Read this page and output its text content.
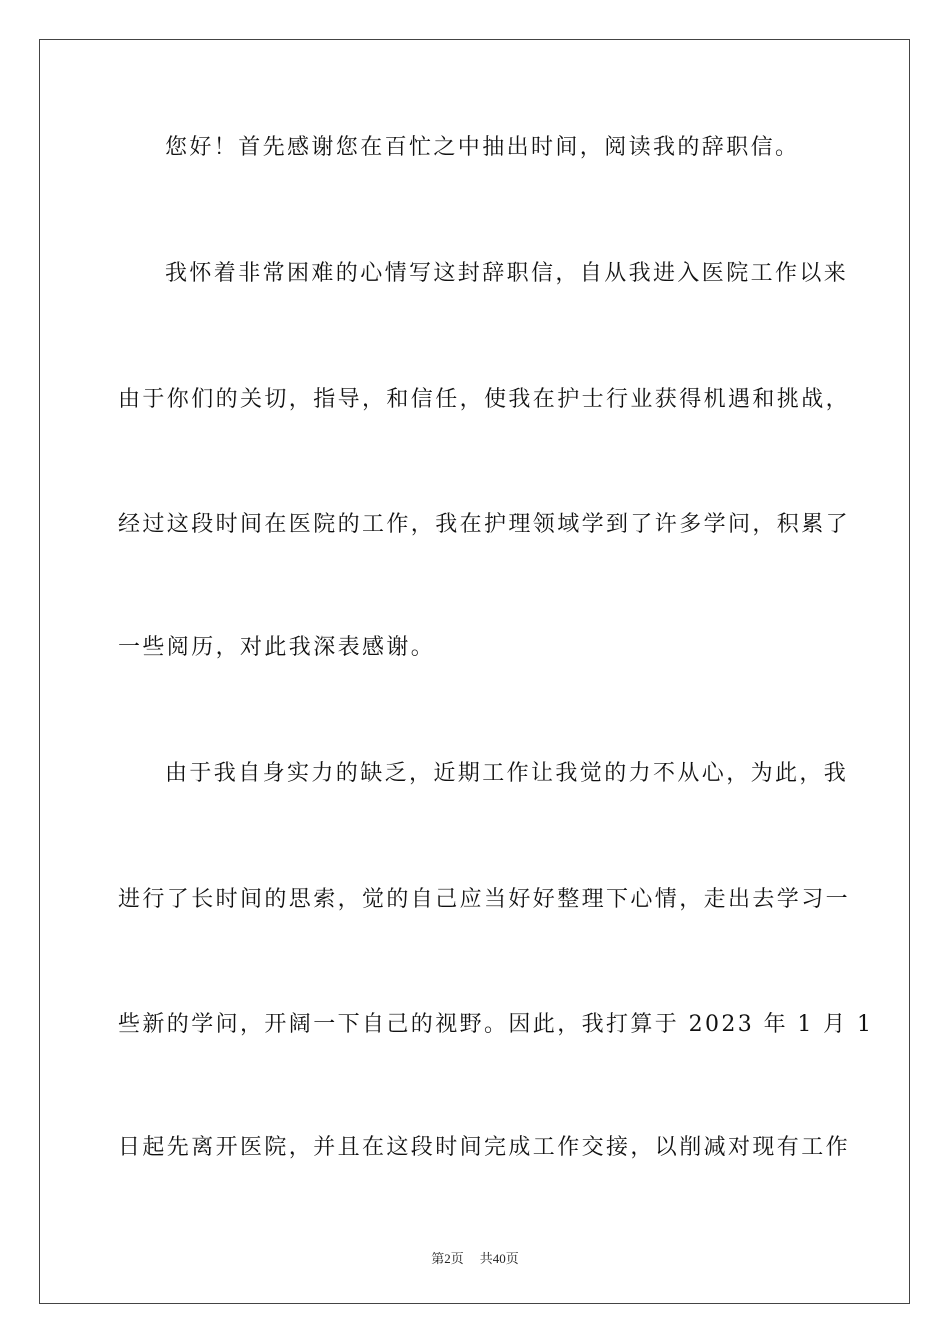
您好！首先感谢您在百忙之中抽出时间，阅读我的辞职信。
我怀着非常困难的心情写这封辞职信，自从我进入医院工作以来
由于你们的关切，指导，和信任，使我在护士行业获得机遇和挑战，
经过这段时间在医院的工作，我在护理领域学到了许多学问，积累了
一些阅历，对此我深表感谢。
由于我自身实力的缺乏，近期工作让我觉的力不从心，为此，我
进行了长时间的思索，觉的自己应当好好整理下心情，走出去学习一
些新的学问，开阔一下自己的视野。因此，我打算于 2023 年 1 月 1
日起先离开医院，并且在这段时间完成工作交接，以削减对现有工作
第2页 共40页
